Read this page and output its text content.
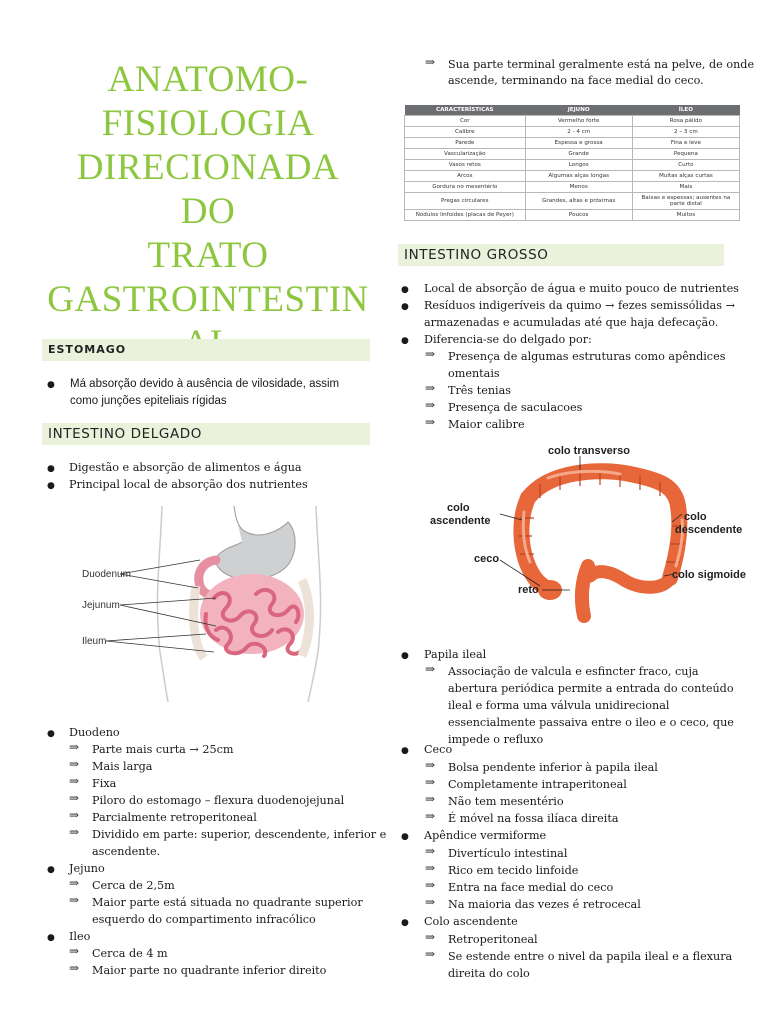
ANATOMO-
FISIOLOGIA
DIRECIONADA DO
TRATO
GASTROINTESTIN
ESTOMAGO
● Má absorção devido à ausência de vilosidade, assim
como junções epiteliais rígidas
INTESTINO DELGADO
● Digestão e absorção de alimentos e água
● Principal local de absorção dos nutrientes
Duodenum
Jejunum
Ileum
● Duodeno
⇒ Parte mais curta → 25cm
⇒ Mais larga
⇒ Fixa
⇒ Piloro do estomago – flexura duodenojejunal
⇒ Parcialmente retroperitoneal
⇒ Dividido em parte: superior, descendente, inferior e
ascendente.
● Jejuno
⇒ Cerca de 2,5m
⇒ Maior parte está situada no quadrante superior
esquerdo do compartimento infracólico
● Ileo
⇒ Cerca de 4 m
⇒ Maior parte no quadrante inferior direito
⇒ Sua parte terminal geralmente está na pelve, de onde
ascende, terminando na face medial do ceco.
CARACTERÍSTICAS	JEJUNO	ÍLEO
Cor	Vermelho forte	Rosa pálido
Calibre	2 - 4 cm	2 – 3 cm
Parede	Espessa e grossa	Fina e leve
Vascularização	Grande	Pequena
Vasos retos	Longos	Curto
Arcos	Algumas alças longas	Muitas alças curtas
Gordura no mesentério	Menos	Mais
Pregas circulares	Grandes, altas e próximas	Baixas e espessas; ausentes na parte distal
Nódulos linfoides (placas de Peyer)	Poucos	Muitos
INTESTINO GROSSO
● Local de absorção de água e muito pouco de nutrientes
● Resíduos indigeríveis da quimo → fezes semissólidas →
armazenadas e acumuladas até que haja defecação.
● Diferencia-se do delgado por:
⇒ Presença de algumas estruturas como apêndices
omentais
⇒ Três tenias
⇒ Presença de saculacoes
⇒ Maior calibre
colo transverso
colo
ascendente	colo
descendente
ceco
colo sigmoide
reto
● Papila ileal
⇒ Associação de valcula e esfincter fraco, cuja
abertura periódica permite a entrada do conteúdo
ileal e forma uma válvula unidirecional
essencialmente passaiva entre o ileo e o ceco, que
impede o refluxo
● Ceco
⇒ Bolsa pendente inferior à papila ileal
⇒ Completamente intraperitoneal
⇒ Não tem mesentério
⇒ É móvel na fossa ilíaca direita
● Apêndice vermiforme
⇒ Divertículo intestinal
⇒ Rico em tecido linfoide
⇒ Entra na face medial do ceco
⇒ Na maioria das vezes é retrocecal
● Colo ascendente
⇒ Retroperitoneal
⇒ Se estende entre o nivel da papila ileal e a flexura
direita do colo
